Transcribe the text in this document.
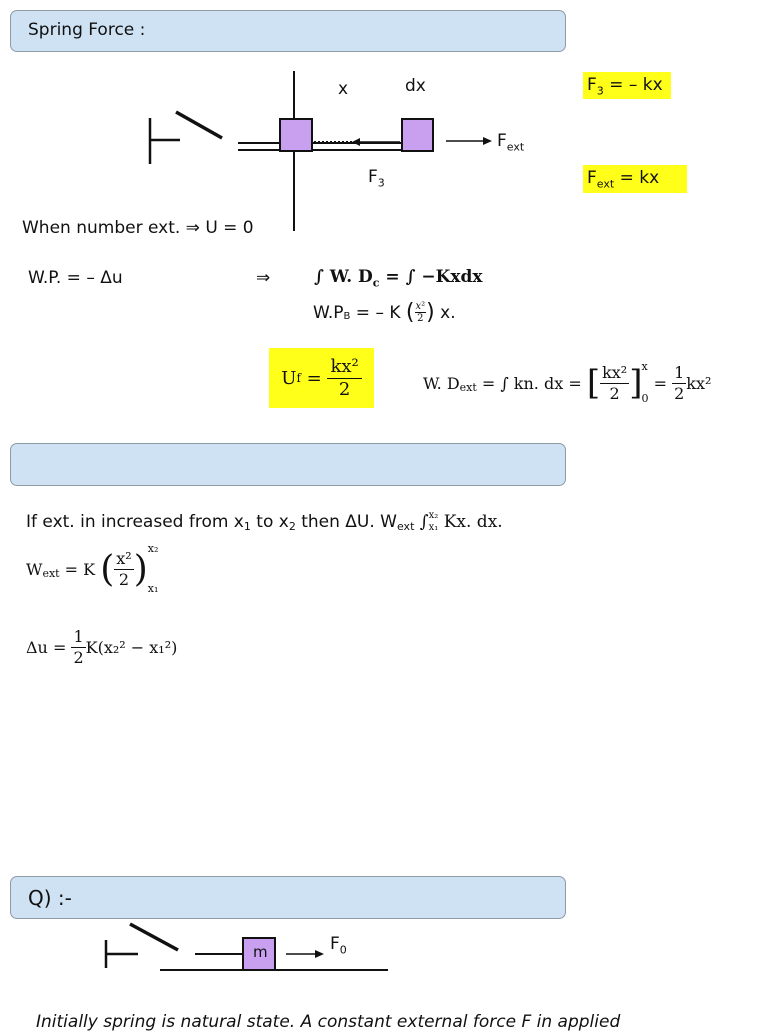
Spring Force :
x	dx
$F_3$
$F_{ext}$
$F_3$ = – kx
$F_{ext}$ = kx
When number ext. ⇒ U = 0
W.P. = – Δu	⇒	∫ W. $D_c$ = ∫ −Kxdx
$W.P_B$ = – K ( x²
2 ) x.
U $f = \frac{\text{kx²}}{2}$	W. $D_{ext}$ = ∫ kn. dx = [ kx²
2 ] x
0
= $\frac{1}{2} kx^2$
If ext. in increased from $x_1$ to $x_2$ then ΔU. $W_{ext}$ ∫ x₂
x₁ Kx. dx.
$W_{ext} = K$ ( x²
2 ) x₂
x₁
$\Delta u = \frac{1}{2} K(x_2^2 - x_1^2)$
Q) :-
m	$F_0$
Initially spring is natural state. A constant external force F in applied
